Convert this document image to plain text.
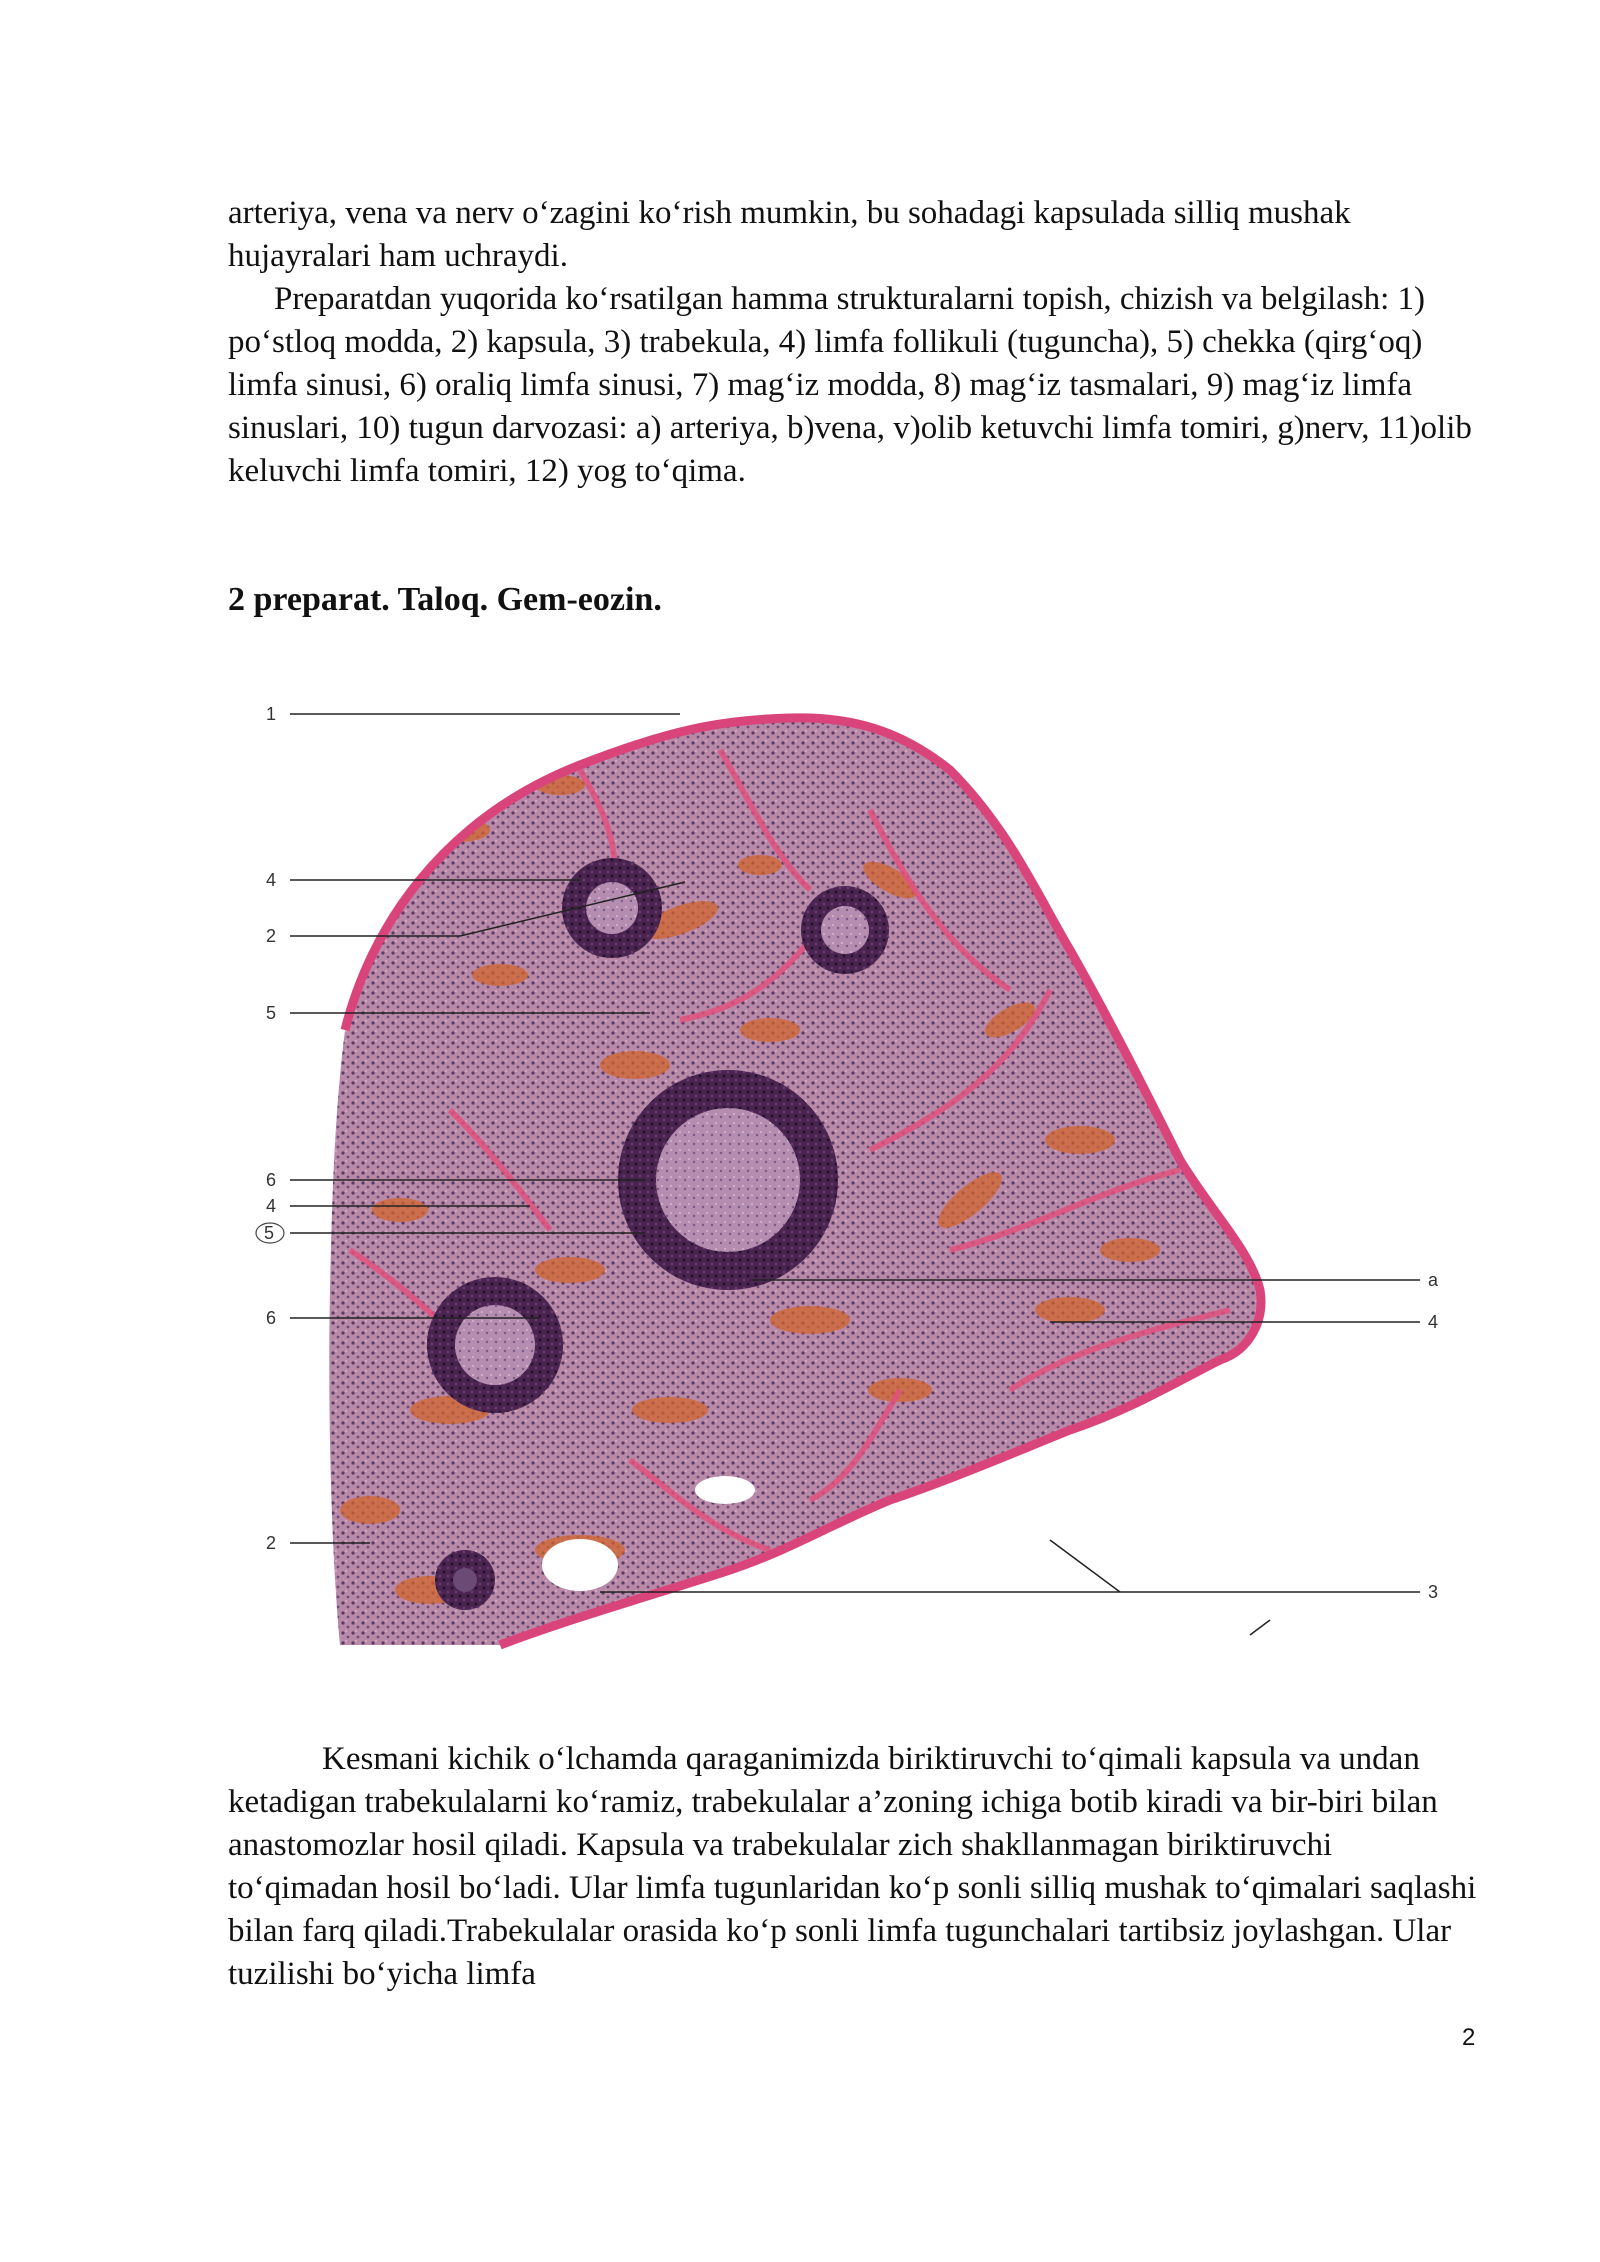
arteriya, vena va nerv o‘zagini ko‘rish mumkin, bu sohadagi kapsulada silliq mushak hujayralari ham uchraydi.

Preparatdan yuqorida ko‘rsatilgan hamma strukturalarni topish, chizish va belgilash: 1) po‘stloq modda, 2) kapsula, 3) trabekula, 4) limfa follikuli (tuguncha), 5) chekka (qirg‘oq) limfa sinusi, 6) oraliq limfa sinusi, 7) mag‘iz modda, 8) mag‘iz tasmalari, 9) mag‘iz limfa sinuslari, 10) tugun darvozasi: a) arteriya, b)vena, v)olib ketuvchi limfa tomiri, g)nerv, 11)olib keluvchi limfa tomiri, 12) yog to‘qima.

2 preparat. Taloq. Gem-eozin.
1
4
2
5
6
4
5
6
2
a
4
3

Kesmani kichik o‘lchamda qaraganimizda biriktiruvchi to‘qimali kapsula va undan ketadigan trabekulalarni ko‘ramiz, trabekulalar a’zoning ichiga botib kiradi va bir-biri bilan anastomozlar hosil qiladi. Kapsula va trabekulalar zich shakllanmagan biriktiruvchi to‘qimadan hosil bo‘ladi. Ular limfa tugunlaridan ko‘p sonli silliq mushak to‘qimalari saqlashi bilan farq qiladi.Trabekulalar orasida ko‘p sonli limfa tugunchalari tartibsiz joylashgan. Ular tuzilishi bo‘yicha limfa

2
